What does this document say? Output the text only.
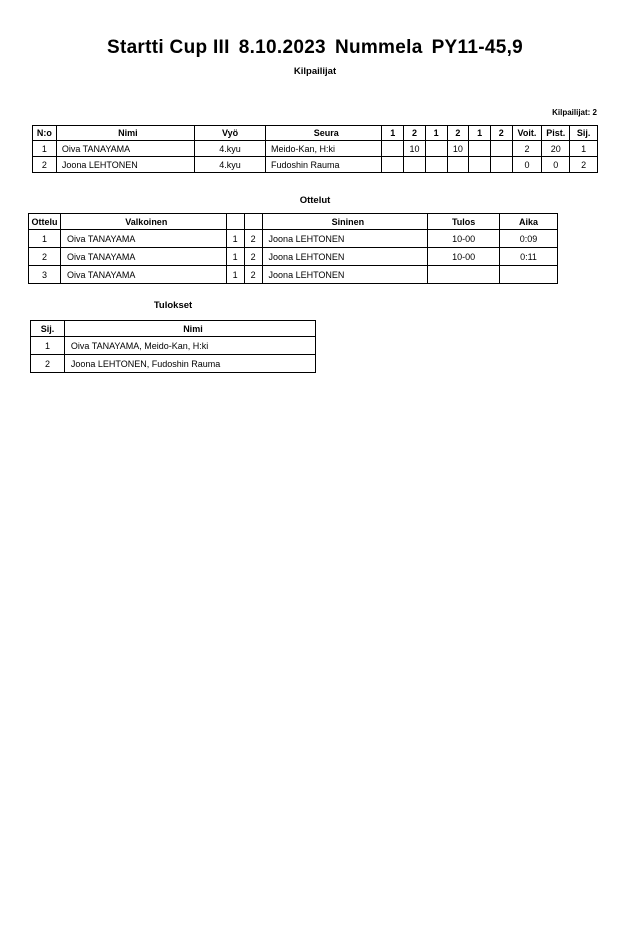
Startti Cup III 8.10.2023 Nummela PY11-45,9
Kilpailijat
Kilpailijat: 2
N:o	Nimi	Vyö	Seura	1	2	1	2	1	2	Voit.	Pist.	Sij.
1	Oiva TANAYAMA	4.kyu	Meido-Kan, H:ki		10		10			2	20	1
2	Joona LEHTONEN	4.kyu	Fudoshin Rauma							0	0	2
Ottelut
Ottelu	Valkoinen			Sininen	Tulos	Aika
1	Oiva TANAYAMA	1	2	Joona LEHTONEN	10-00	0:09
2	Oiva TANAYAMA	1	2	Joona LEHTONEN	10-00	0:11
3	Oiva TANAYAMA	1	2	Joona LEHTONEN		
Tulokset
Sij.	Nimi
1	Oiva TANAYAMA, Meido-Kan, H:ki
2	Joona LEHTONEN, Fudoshin Rauma
